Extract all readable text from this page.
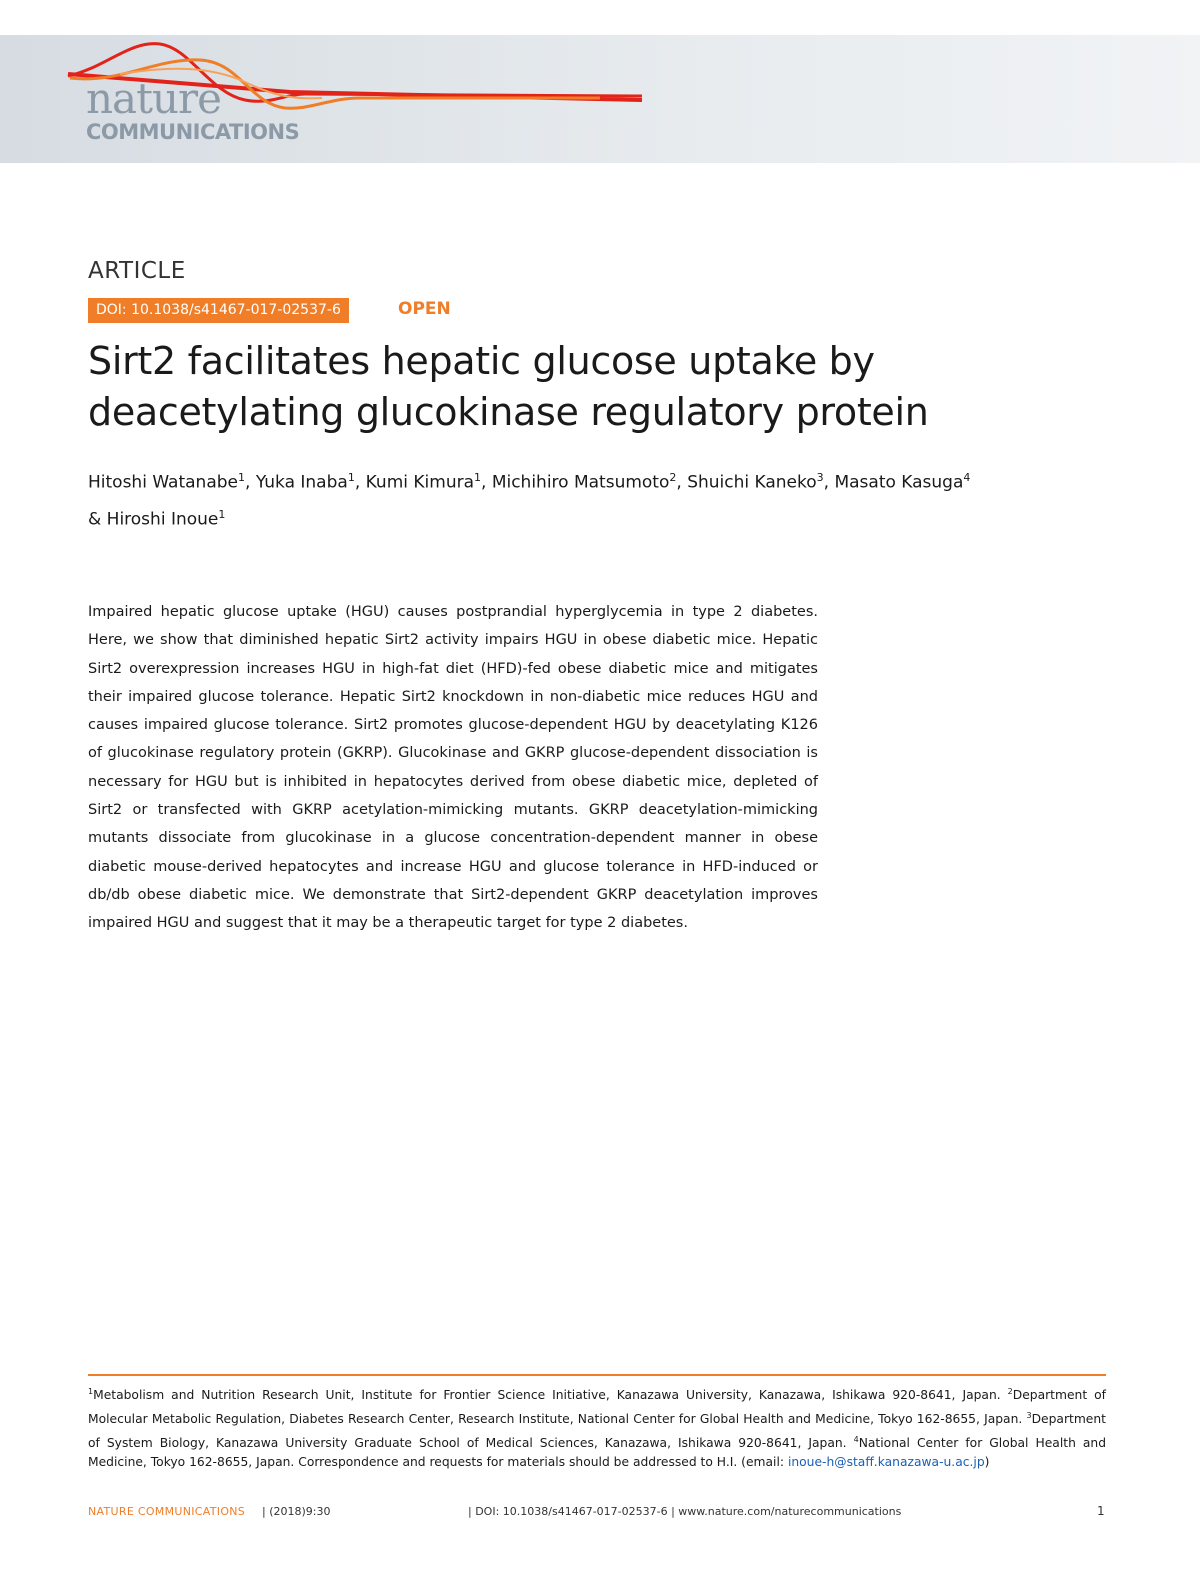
nature

COMMUNICATIONS

ARTICLE
DOI: 10.1038/s41467-017-02537-6	OPEN
Sirt2 facilitates hepatic glucose uptake by deacetylating glucokinase regulatory protein
Hitoshi Watanabe$^1$, Yuka Inaba$^1$, Kumi Kimura$^1$, Michihiro Matsumoto$^2$, Shuichi Kaneko$^3$, Masato Kasuga$^4$
& Hiroshi Inoue$^1$

Impaired hepatic glucose uptake (HGU) causes postprandial hyperglycemia in type 2 diabetes. Here, we show that diminished hepatic Sirt2 activity impairs HGU in obese diabetic mice. Hepatic Sirt2 overexpression increases HGU in high-fat diet (HFD)-fed obese diabetic mice and mitigates their impaired glucose tolerance. Hepatic Sirt2 knockdown in non-diabetic mice reduces HGU and causes impaired glucose tolerance. Sirt2 promotes glucose-dependent HGU by deacetylating K126 of glucokinase regulatory protein (GKRP). Glucokinase and GKRP glucose-dependent dissociation is necessary for HGU but is inhibited in hepatocytes derived from obese diabetic mice, depleted of Sirt2 or transfected with GKRP acetylation-mimicking mutants. GKRP deacetylation-mimicking mutants dissociate from glucokinase in a glucose concentration-dependent manner in obese diabetic mouse-derived hepatocytes and increase HGU and glucose tolerance in HFD-induced or db/db obese diabetic mice. We demonstrate that Sirt2-dependent GKRP deacetylation improves impaired HGU and suggest that it may be a therapeutic target for type 2 diabetes.

$^1$Metabolism and Nutrition Research Unit, Institute for Frontier Science Initiative, Kanazawa University, Kanazawa, Ishikawa 920-8641, Japan. $^2$Department of Molecular Metabolic Regulation, Diabetes Research Center, Research Institute, National Center for Global Health and Medicine, Tokyo 162-8655, Japan. $^3$Department of System Biology, Kanazawa University Graduate School of Medical Sciences, Kanazawa, Ishikawa 920-8641, Japan. $^4$National Center for Global Health and Medicine, Tokyo 162-8655, Japan. Correspondence and requests for materials should be addressed to H.I. (email: inoue-h@staff.kanazawa-u.ac.jp)

NATURE COMMUNICATIONS | (2018)9:30	| DOI: 10.1038/s41467-017-02537-6 | www.nature.com/naturecommunications	1
